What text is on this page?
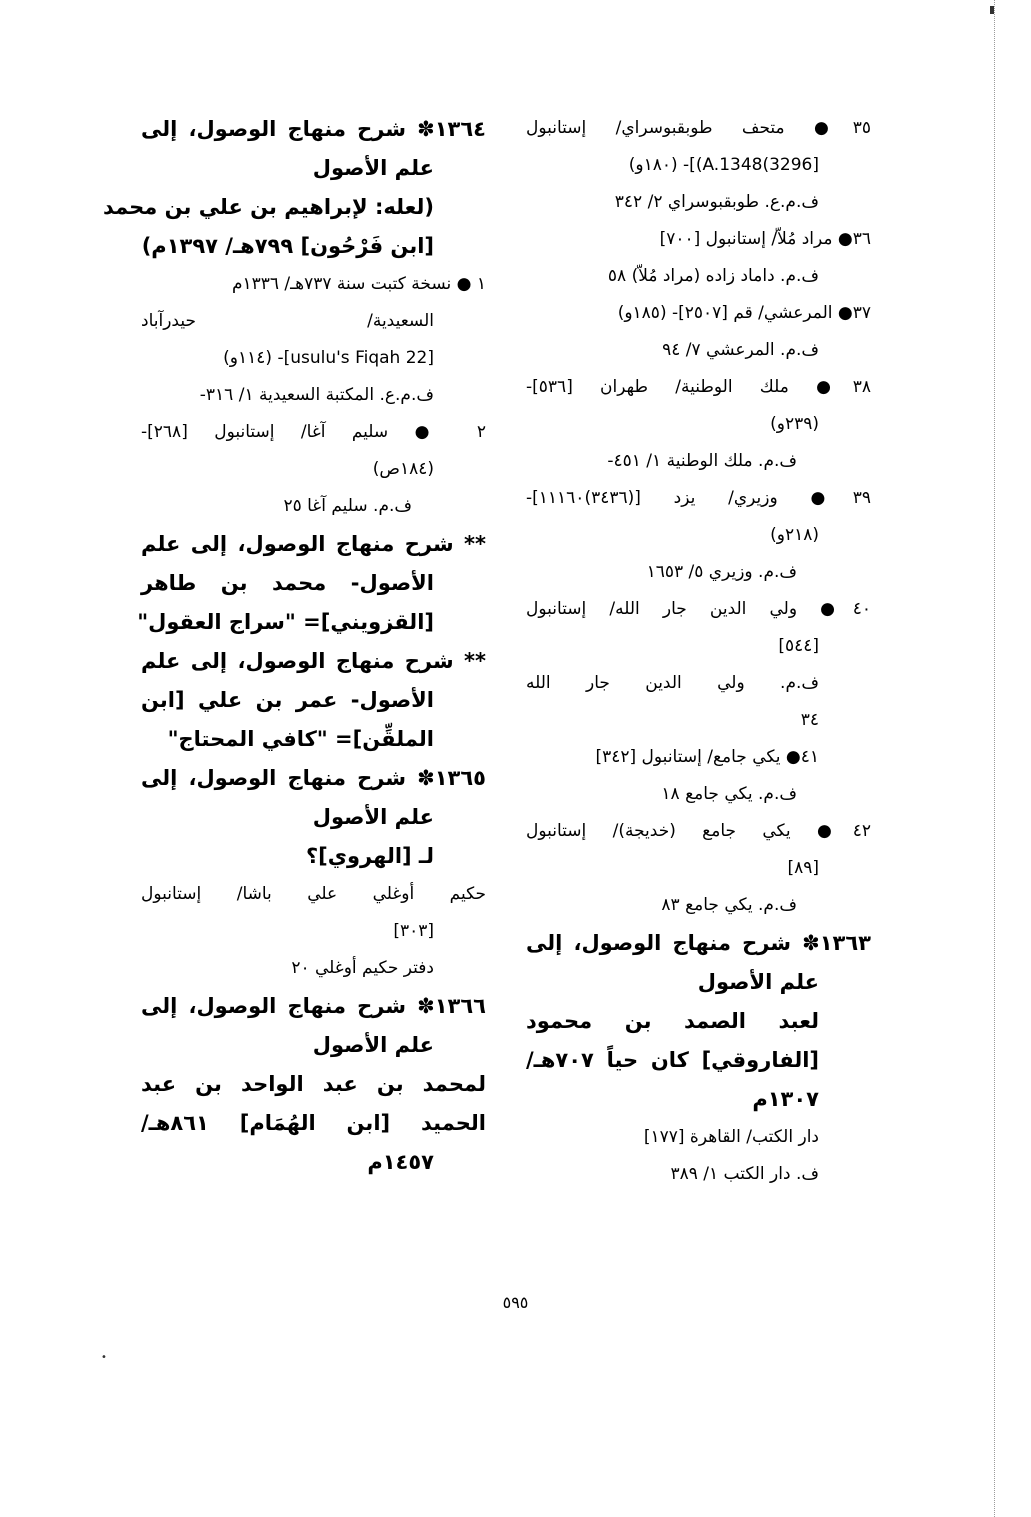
•
٣٥● متحف طوبقبوسراي/ إستانبول
[3296)A.1348)]- (١٨٠و)
ف.م.ع. طوبقبوسراي ٢/ ٣٤٢
٣٦● مراد مُلاّ/ إستانبول [٧٠٠]
ف.م. داماد زاده (مراد مُلاّ) ٥٨
٣٧● المرعشي/ قم [٢٥٠٧]- (١٨٥و)
ف.م. المرعشي ٧/ ٩٤
٣٨● ملك الوطنية/ طهران [٥٣٦]-
(٢٣٩و)
ف.م. ملك الوطنية ١/ ٤٥١-
٣٩● وزيري/ يزد [(٣٤٣٦)١١١٦٠]-
(٢١٨و)
ف.م. وزيري ٥/ ١٦٥٣
٤٠● ولي الدين جار الله/ إستانبول
[٥٤٤]
ف.م. ولي الدين جار الله
٣٤
٤١● يكي جامع/ إستانبول [٣٤٢]
ف.م. يكي جامع ١٨
٤٢● يكي جامع (خديجة)/ إستانبول
[٨٩]
ف.م. يكي جامع ٨٣
١٣٦٣✽ شرح منهاج الوصول، إلى
علم الأصول
لعبد الصمد بن محمود
[الفاروقي] كان حياً ٧٠٧هـ/
١٣٠٧م
دار الكتب/ القاهرة [١٧٧]
ف. دار الكتب ١/ ٣٨٩
١٣٦٤✽ شرح منهاج الوصول، إلى
علم الأصول
(لعله: لإبراهيم بن علي بن محمد
[ابن فَرْحُون] ٧٩٩هـ/ ١٣٩٧م)
١ ● نسخة كتبت سنة ٧٣٧هـ/ ١٣٣٦م
السعيدية/ حيدرآباد
[usulu's Fiqah 22]- (١١٤و)
ف.م.ع. المكتبة السعيدية ١/ ٣١٦-
٢ ● سليم آغا/ إستانبول [٢٦٨]-
(١٨٤ص)
ف.م. سليم آغا ٢٥
** شرح منهاج الوصول، إلى علم
الأصول- محمد بن طاهر
[القزويني]= "سراج العقول"
** شرح منهاج الوصول، إلى علم
الأصول- عمر بن علي [ابن
الملقِّن]= "كافي المحتاج"
١٣٦٥✽ شرح منهاج الوصول، إلى
علم الأصول
لـ [الهروي]؟
حكيم أوغلي علي باشا/ إستانبول
[٣٠٣]
دفتر حكيم أوغلي ٢٠
١٣٦٦✽ شرح منهاج الوصول، إلى
علم الأصول
لمحمد بن عبد الواحد بن عبد
الحميد [ابن الهُمَام] ٨٦١هـ/
١٤٥٧م
٥٩٥
